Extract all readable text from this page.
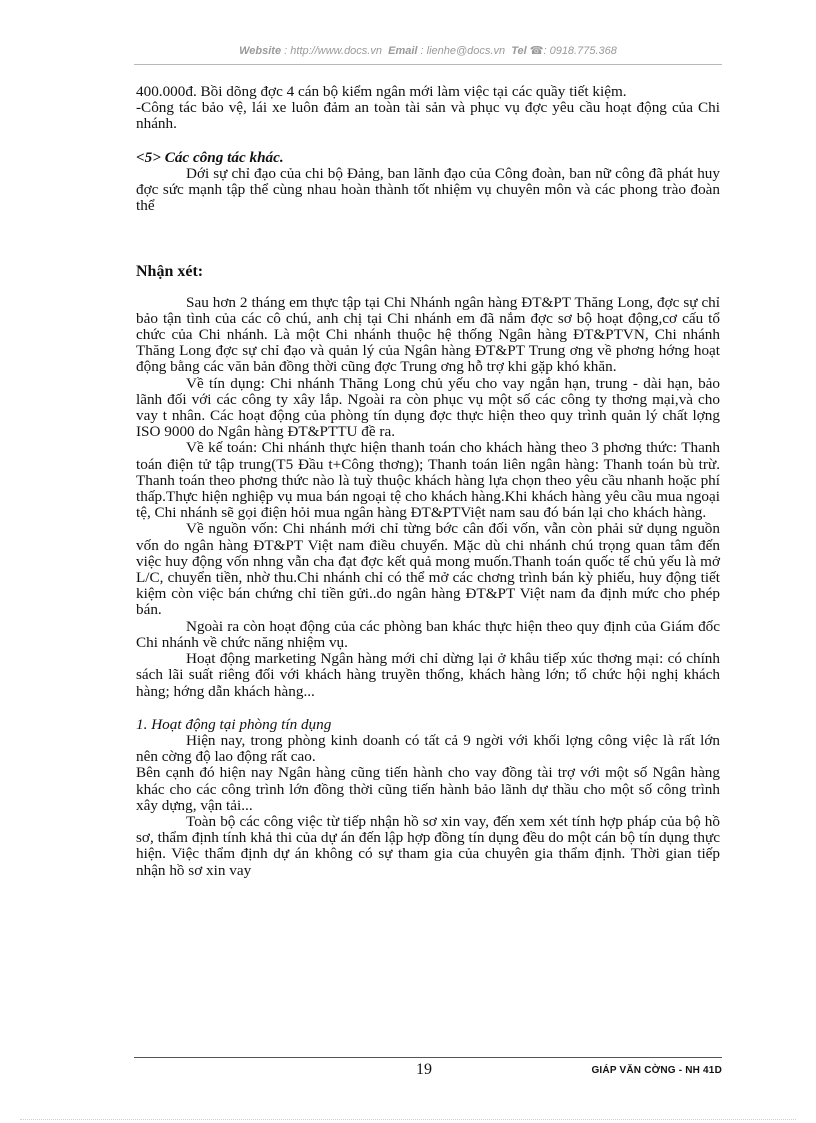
Website : http://www.docs.vn Email : lienhe@docs.vn Tel ☎: 0918.775.368

400.000đ. Bồi dõng đợc 4 cán bộ kiểm ngân mới làm việc tại các quầy tiết kiệm.

-Công tác bảo vệ, lái xe luôn đảm an toàn tài sản và phục vụ đợc yêu cầu hoạt động của Chi nhánh.

<5> Các công tác khác.

Dới sự chỉ đạo của chi bộ Đảng, ban lãnh đạo của Công đoàn, ban nữ công đã phát huy đợc sức mạnh tập thể cùng nhau hoàn thành tốt nhiệm vụ chuyên môn và các phong trào đoàn thể

Nhận xét:

Sau hơn 2 tháng em thực tập tại Chi Nhánh ngân hàng ĐT&PT Thăng Long, đợc sự chỉ bảo tận tình của các cô chú, anh chị tại Chi nhánh em đã nắm đợc sơ bộ hoạt động,cơ cấu tổ chức của Chi nhánh. Là một Chi nhánh thuộc hệ thống Ngân hàng ĐT&PTVN, Chi nhánh Thăng Long đợc sự chỉ đạo và quản lý của Ngân hàng ĐT&PT Trung ơng về phơng hớng hoạt động bằng các văn bản đồng thời cũng đợc Trung ơng hỗ trợ khi gặp khó khăn.

Về tín dụng: Chi nhánh Thăng Long chủ yếu cho vay ngắn hạn, trung - dài hạn, bảo lãnh đối với các công ty xây lắp. Ngoài ra còn phục vụ một số các công ty thơng mại,và cho vay t nhân. Các hoạt động của phòng tín dụng đợc thực hiện theo quy trình quản lý chất lợng ISO 9000 do Ngân hàng ĐT&PTTU đề ra.

Về kế toán: Chi nhánh thực hiện thanh toán cho khách hàng theo 3 phơng thức: Thanh toán điện tử tập trung(T5 Đầu t+Công thơng); Thanh toán liên ngân hàng: Thanh toán bù trừ. Thanh toán theo phơng thức nào là tuỳ thuộc khách hàng lựa chọn theo yêu cầu nhanh hoặc phí thấp.Thực hiện nghiệp vụ mua bán ngoại tệ cho khách hàng.Khi khách hàng yêu cầu mua ngoại tệ, Chi nhánh sẽ gọi điện hỏi mua ngân hàng ĐT&PTViệt nam sau đó bán lại cho khách hàng.

Về nguồn vốn: Chi nhánh mới chỉ từng bớc cân đối vốn, vẫn còn phải sử dụng nguồn vốn do ngân hàng ĐT&PT Việt nam điều chuyển. Mặc dù chi nhánh chú trọng quan tâm đến việc huy động vốn nhng vẫn cha đạt đợc kết quả mong muốn.Thanh toán quốc tế chủ yếu là mở L/C, chuyển tiền, nhờ thu.Chi nhánh chỉ có thể mở các chơng trình bán kỳ phiếu, huy động tiết kiệm còn việc bán chứng chỉ tiền gửi..do ngân hàng ĐT&PT Việt nam đa định mức cho phép bán.

Ngoài ra còn hoạt động của các phòng ban khác thực hiện theo quy định của Giám đốc Chi nhánh về chức năng nhiệm vụ.

Hoạt động marketing Ngân hàng mới chỉ dừng lại ở khâu tiếp xúc thơng mại: có chính sách lãi suất riêng đối với khách hàng truyền thống, khách hàng lớn; tổ chức hội nghị khách hàng; hớng dẫn khách hàng...

1. Hoạt động tại phòng tín dụng

Hiện nay, trong phòng kinh doanh có tất cả 9 ngời với khối lợng công việc là rất lớn nên cờng độ lao động rất cao.

Bên cạnh đó hiện nay Ngân hàng cũng tiến hành cho vay đồng tài trợ với một số Ngân hàng khác cho các công trình lớn đồng thời cũng tiến hành bảo lãnh dự thầu cho một số công trình xây dựng, vận tải...

Toàn bộ các công việc từ tiếp nhận hồ sơ xin vay, đến xem xét tính hợp pháp của bộ hồ sơ, thẩm định tính khả thi của dự án đến lập hợp đồng tín dụng đều do một cán bộ tín dụng thực hiện. Việc thẩm định dự án không có sự tham gia của chuyên gia thẩm định. Thời gian tiếp nhận hồ sơ xin vay

19	GIÁP VĂN CỜNG - NH 41D
